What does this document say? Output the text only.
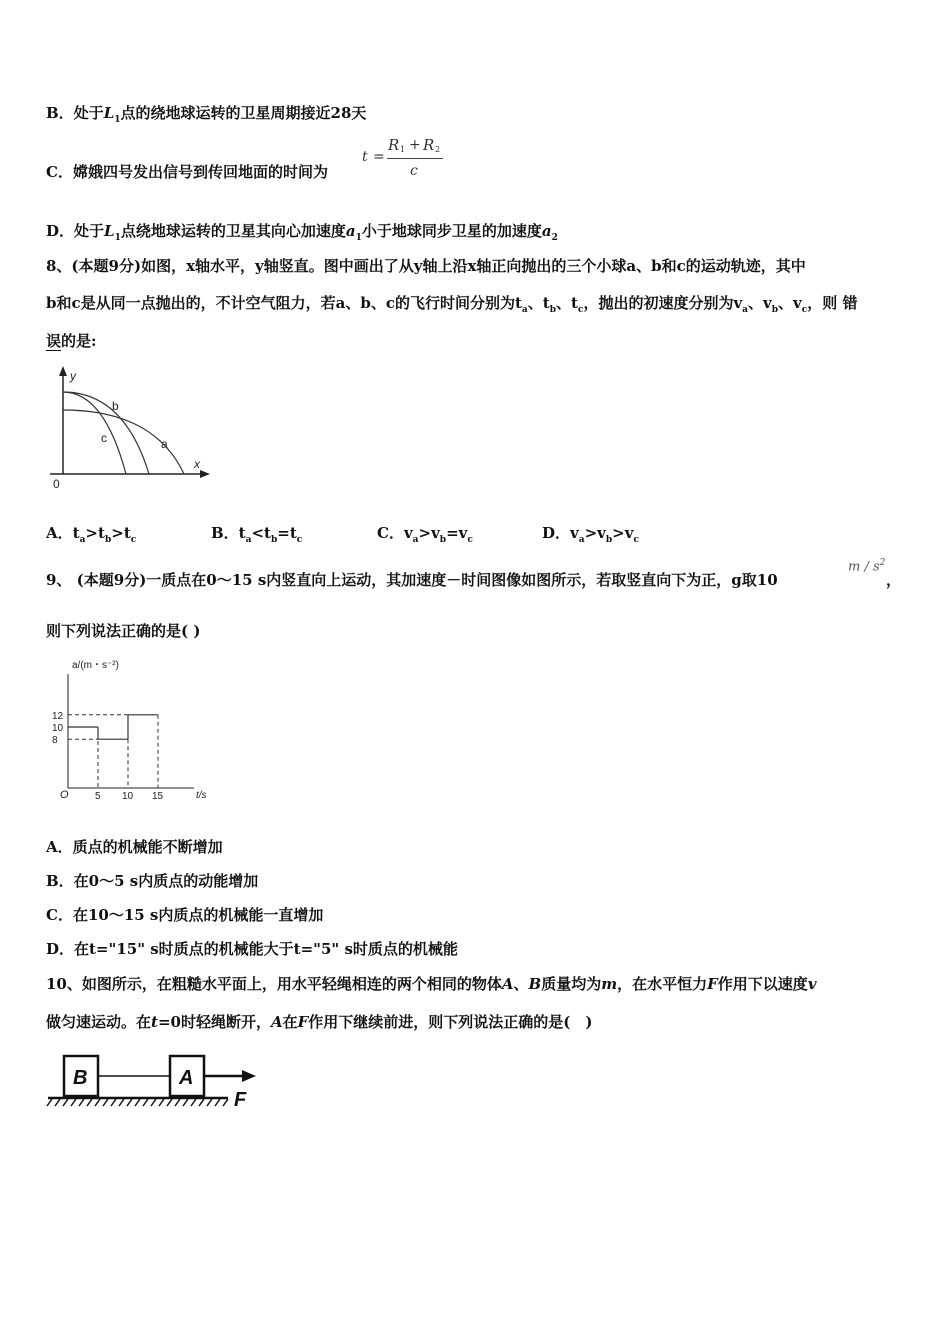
B．处于$L_1$点的绕地球运转的卫星周期接近28天
C．嫦娥四号发出信号到传回地面的时间为
t =
R 1 + R 2
c
D．处于$L_1$点绕地球运转的卫星其向心加速度$a_1$小于地球同步卫星的加速度$a_2$
8、(本题9分)如图，x轴水平，y轴竖直。图中画出了从y轴上沿x轴正向抛出的三个小球a、b和c的运动轨迹，其中
b和c是从同一点抛出的，不计空气阻力，若a、b、c的飞行时间分别为$t_a$、$t_b$、$t_c$，抛出的初速度分别为$v_a$、$v_b$、$v_c$，则 错
误的是:
y
x
0
a
b
c
A．$t_a>t_b>t_c$	B．$t_a<t_b=t_c$	C．$v_a>v_b=v_c$	D．$v_a>v_b>v_c$
9、 (本题9分)一质点在0～15 s内竖直向上运动，其加速度－时间图像如图所示，若取竖直向下为正，g取10
m / $s^2$
，
则下列说法正确的是( )
a/(m・s⁻²)
t/s
O
12
10
8
5 10 15
A．质点的机械能不断增加
B．在0～5 s内质点的动能增加
C．在10～15 s内质点的机械能一直增加
D．在t="15" s时质点的机械能大于t="5" s时质点的机械能
10、如图所示，在粗糙水平面上，用水平轻绳相连的两个相同的物体A、B质量均为m，在水平恒力F作用下以速度v
做匀速运动。在t=0时轻绳断开，A在F作用下继续前进，则下列说法正确的是(　)
B	A
F
